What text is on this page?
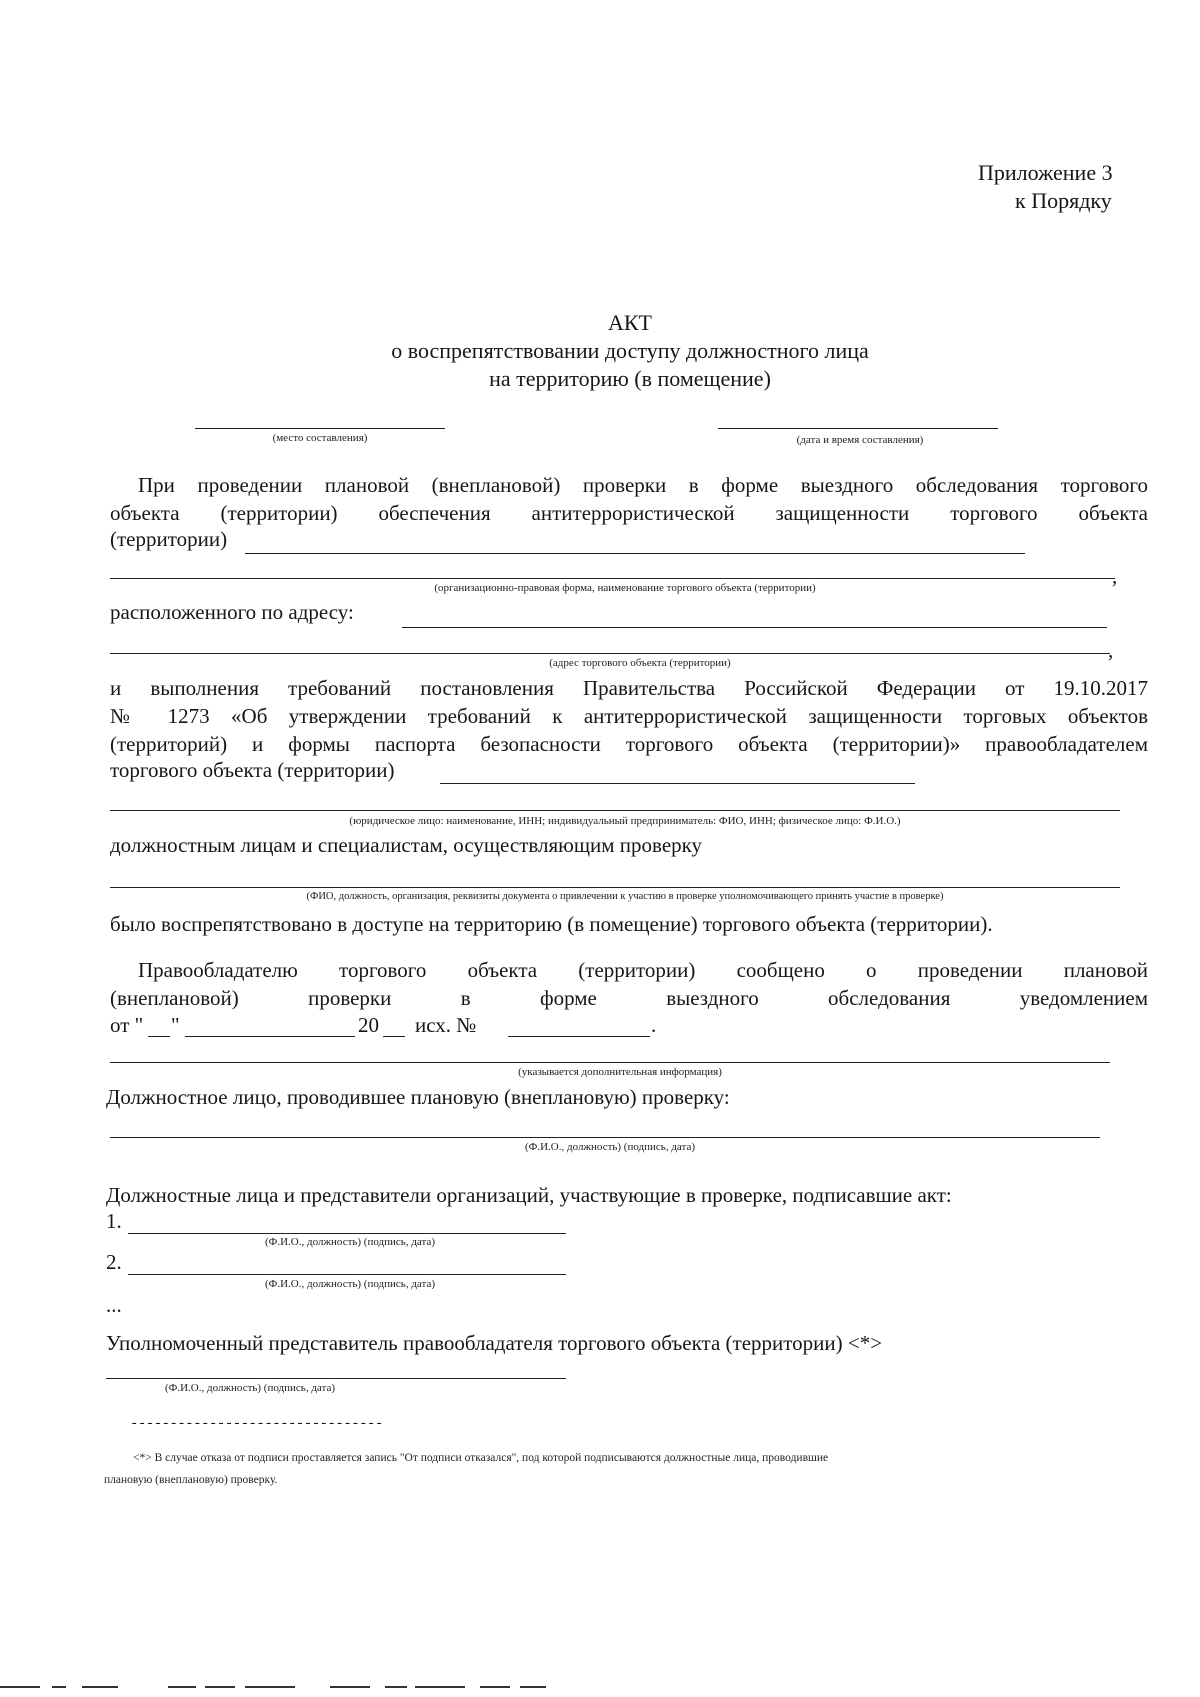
Приложение 3
к Порядку
АКТ
о воспрепятствовании доступу должностного лица
на территорию (в помещение)
(место составления)	(дата и время составления)
При проведении плановой (внеплановой) проверки в форме выездного обследования торгового
объекта (территории) обеспечения антитеррористической защищенности торгового объекта
(территории)
,
(организационно-правовая форма, наименование торгового объекта (территории)
расположенного по адресу:
,
(адрес торгового объекта (территории)
и выполнения требований постановления Правительства Российской Федерации от 19.10.2017
№ 1273 «Об утверждении требований к антитеррористической защищенности торговых объектов
(территорий) и формы паспорта безопасности торгового объекта (территории)» правообладателем
торгового объекта (территории)
(юридическое лицо: наименование, ИНН; индивидуальный предприниматель: ФИО, ИНН; физическое лицо: Ф.И.О.)
должностным лицам и специалистам, осуществляющим проверку
(ФИО, должность, организация, реквизиты документа о привлечении к участию в проверке уполномочивающего принять участие в проверке)
было воспрепятствовано в доступе на территорию (в помещение) торгового объекта (территории).
Правообладателю торгового объекта (территории) сообщено о проведении плановой
(внеплановой) проверки в форме выездного обследования уведомлением
от " "	20 исх. №	.
(указывается дополнительная информация)
Должностное лицо, проводившее плановую (внеплановую) проверку:
(Ф.И.О., должность) (подпись, дата)
Должностные лица и представители организаций, участвующие в проверке, подписавшие акт:
1.
(Ф.И.О., должность) (подпись, дата)
2.
(Ф.И.О., должность) (подпись, дата)
...
Уполномоченный представитель правообладателя торгового объекта (территории) <*>
(Ф.И.О., должность) (подпись, дата)
--------------------------------
<*> В случае отказа от подписи проставляется запись "От подписи отказался", под которой подписываются должностные лица, проводившие
плановую (внеплановую) проверку.
